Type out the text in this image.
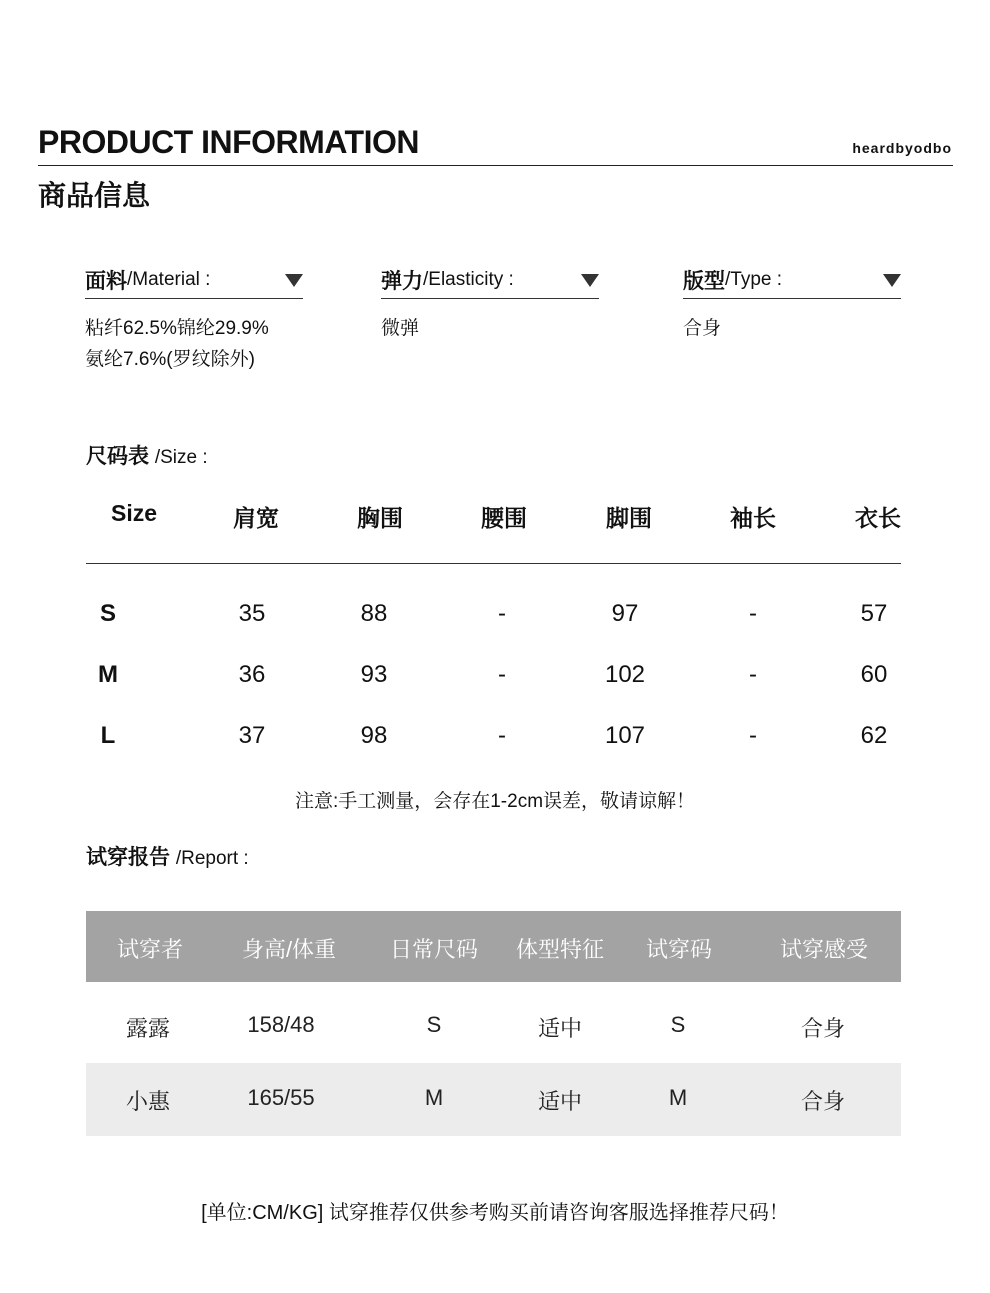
PRODUCT INFORMATION	heardbyodbo
商品信息
面料 /Material :
粘纤62.5%锦纶29.9%
氨纶7.6%(罗纹除外)
弹力 /Elasticity :
微弹
版型 /Type :
合身
尺码表 /Size :
Size	肩宽	胸围	腰围	脚围	袖长	衣长
S	35	88	-	97	-	57
M	36	93	-	102	-	60
L	37	98	-	107	-	62
注意:手工测量，会存在1-2cm误差，敬请谅解！
试穿报告 /Report :
试穿者	身高/体重	日常尺码	体型特征	试穿码	试穿感受
露露	158/48	S	适中	S	合身
小惠	165/55	M	适中	M	合身
[单位:CM/KG] 试穿推荐仅供参考购买前请咨询客服选择推荐尺码！
